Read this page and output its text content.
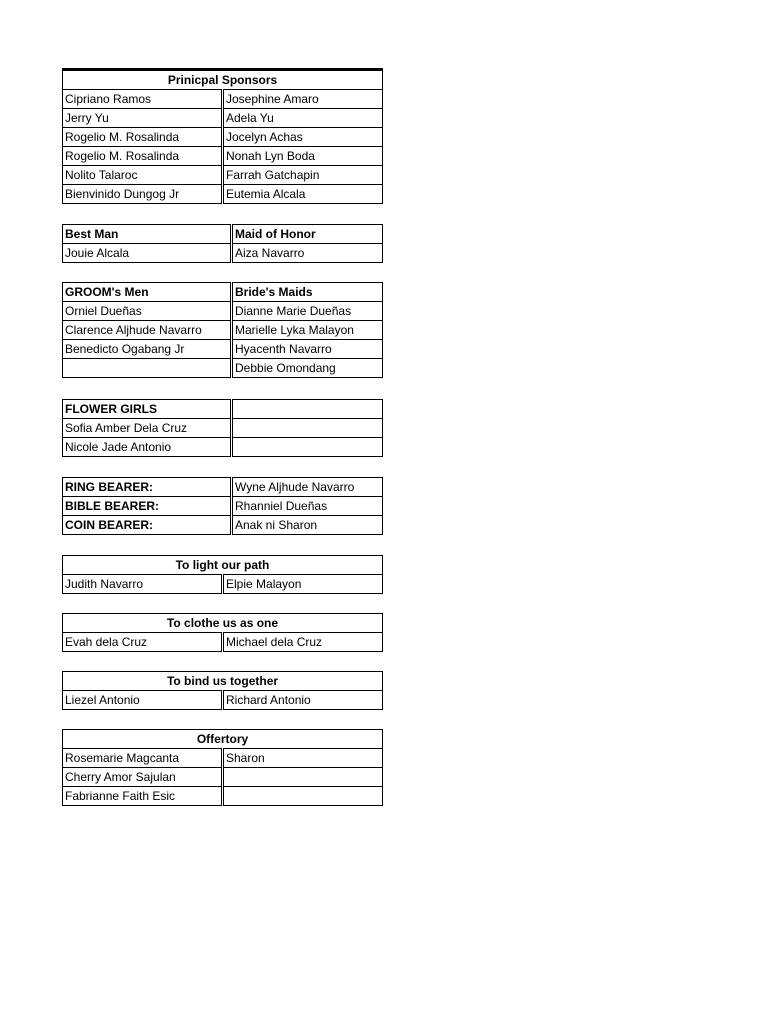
Prinicpal Sponsors	
Cipriano Ramos	Josephine Amaro
Jerry Yu	Adela Yu
Rogelio M. Rosalinda	Jocelyn Achas
Rogelio M. Rosalinda	Nonah Lyn Boda
Nolito Talaroc	Farrah Gatchapin
Bienvinido Dungog Jr	Eutemia Alcala
Best Man	Maid of Honor
Jouie Alcala	Aiza Navarro
GROOM's Men	Bride's Maids
Orniel Dueñas	Dianne Marie Dueñas
Clarence Aljhude Navarro	Marielle Lyka Malayon
Benedicto Ogabang Jr	Hyacenth Navarro
	Debbie Omondang
FLOWER GIRLS	
Sofia Amber Dela Cruz	
Nicole Jade Antonio	
RING BEARER:	Wyne Aljhude Navarro
BIBLE BEARER:	Rhanniel Dueñas
COIN BEARER:	Anak ni Sharon
To light our path
Judith Navarro	Elpie Malayon
To clothe us as one
Evah dela Cruz	Michael dela Cruz
To bind us together
Liezel Antonio	Richard Antonio
Offertory	
Rosemarie Magcanta	Sharon
Cherry Amor Sajulan	
Fabrianne Faith Esic	
